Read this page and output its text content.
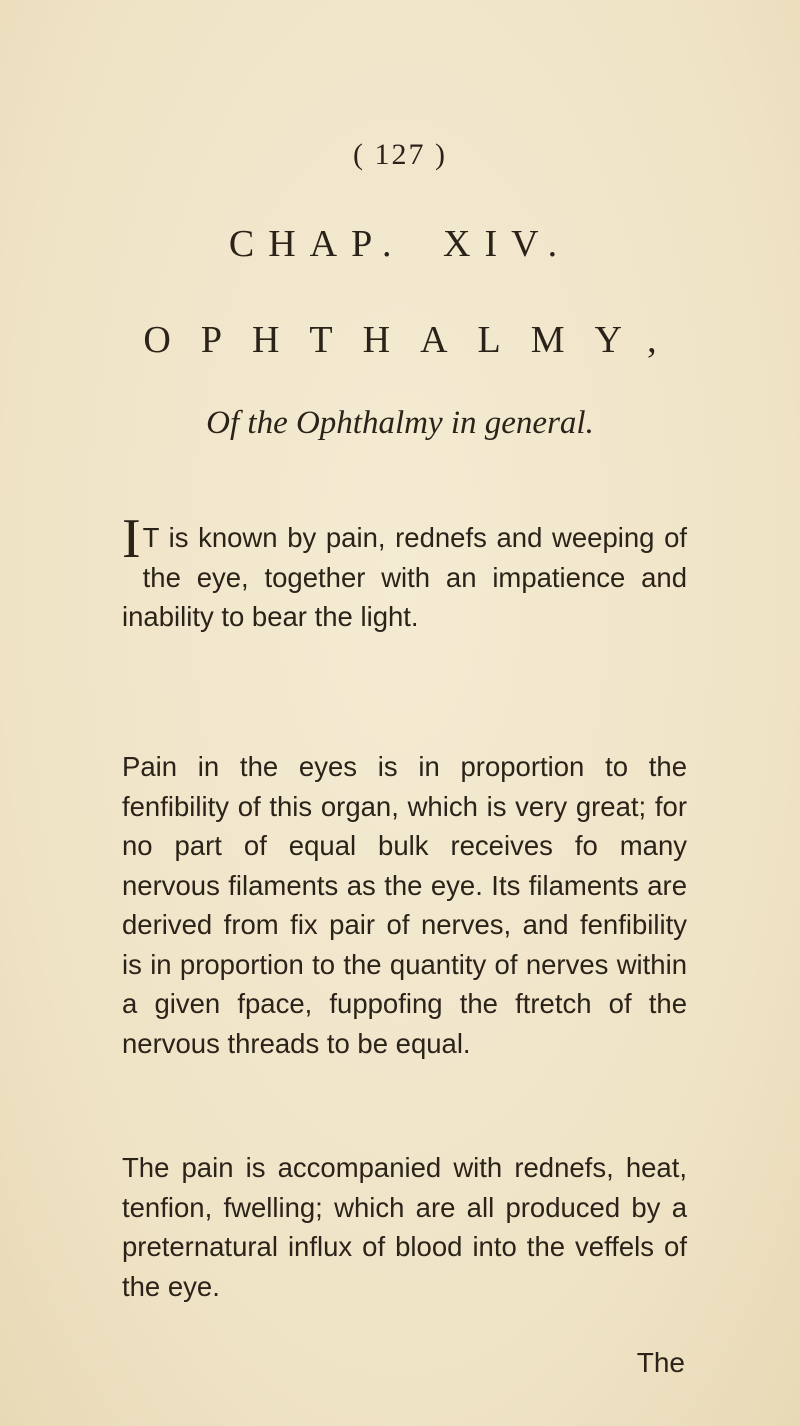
( 127 )
CHAP. XIV.
OPHTHALMY,
Of the Ophthalmy in general.

I T is known by pain, rednefs and weeping of the eye, together with an impatience and inability to bear the light.

Pain in the eyes is in proportion to the fenfibility of this organ, which is very great; for no part of equal bulk receives fo many nervous filaments as the eye. Its filaments are derived from fix pair of nerves, and fenfibility is in proportion to the quantity of nerves within a given fpace, fuppofing the ftretch of the nervous threads to be equal.

The pain is accompanied with rednefs, heat, tenfion, fwelling; which are all produced by a preternatural influx of blood into the veffels of the eye.

The
